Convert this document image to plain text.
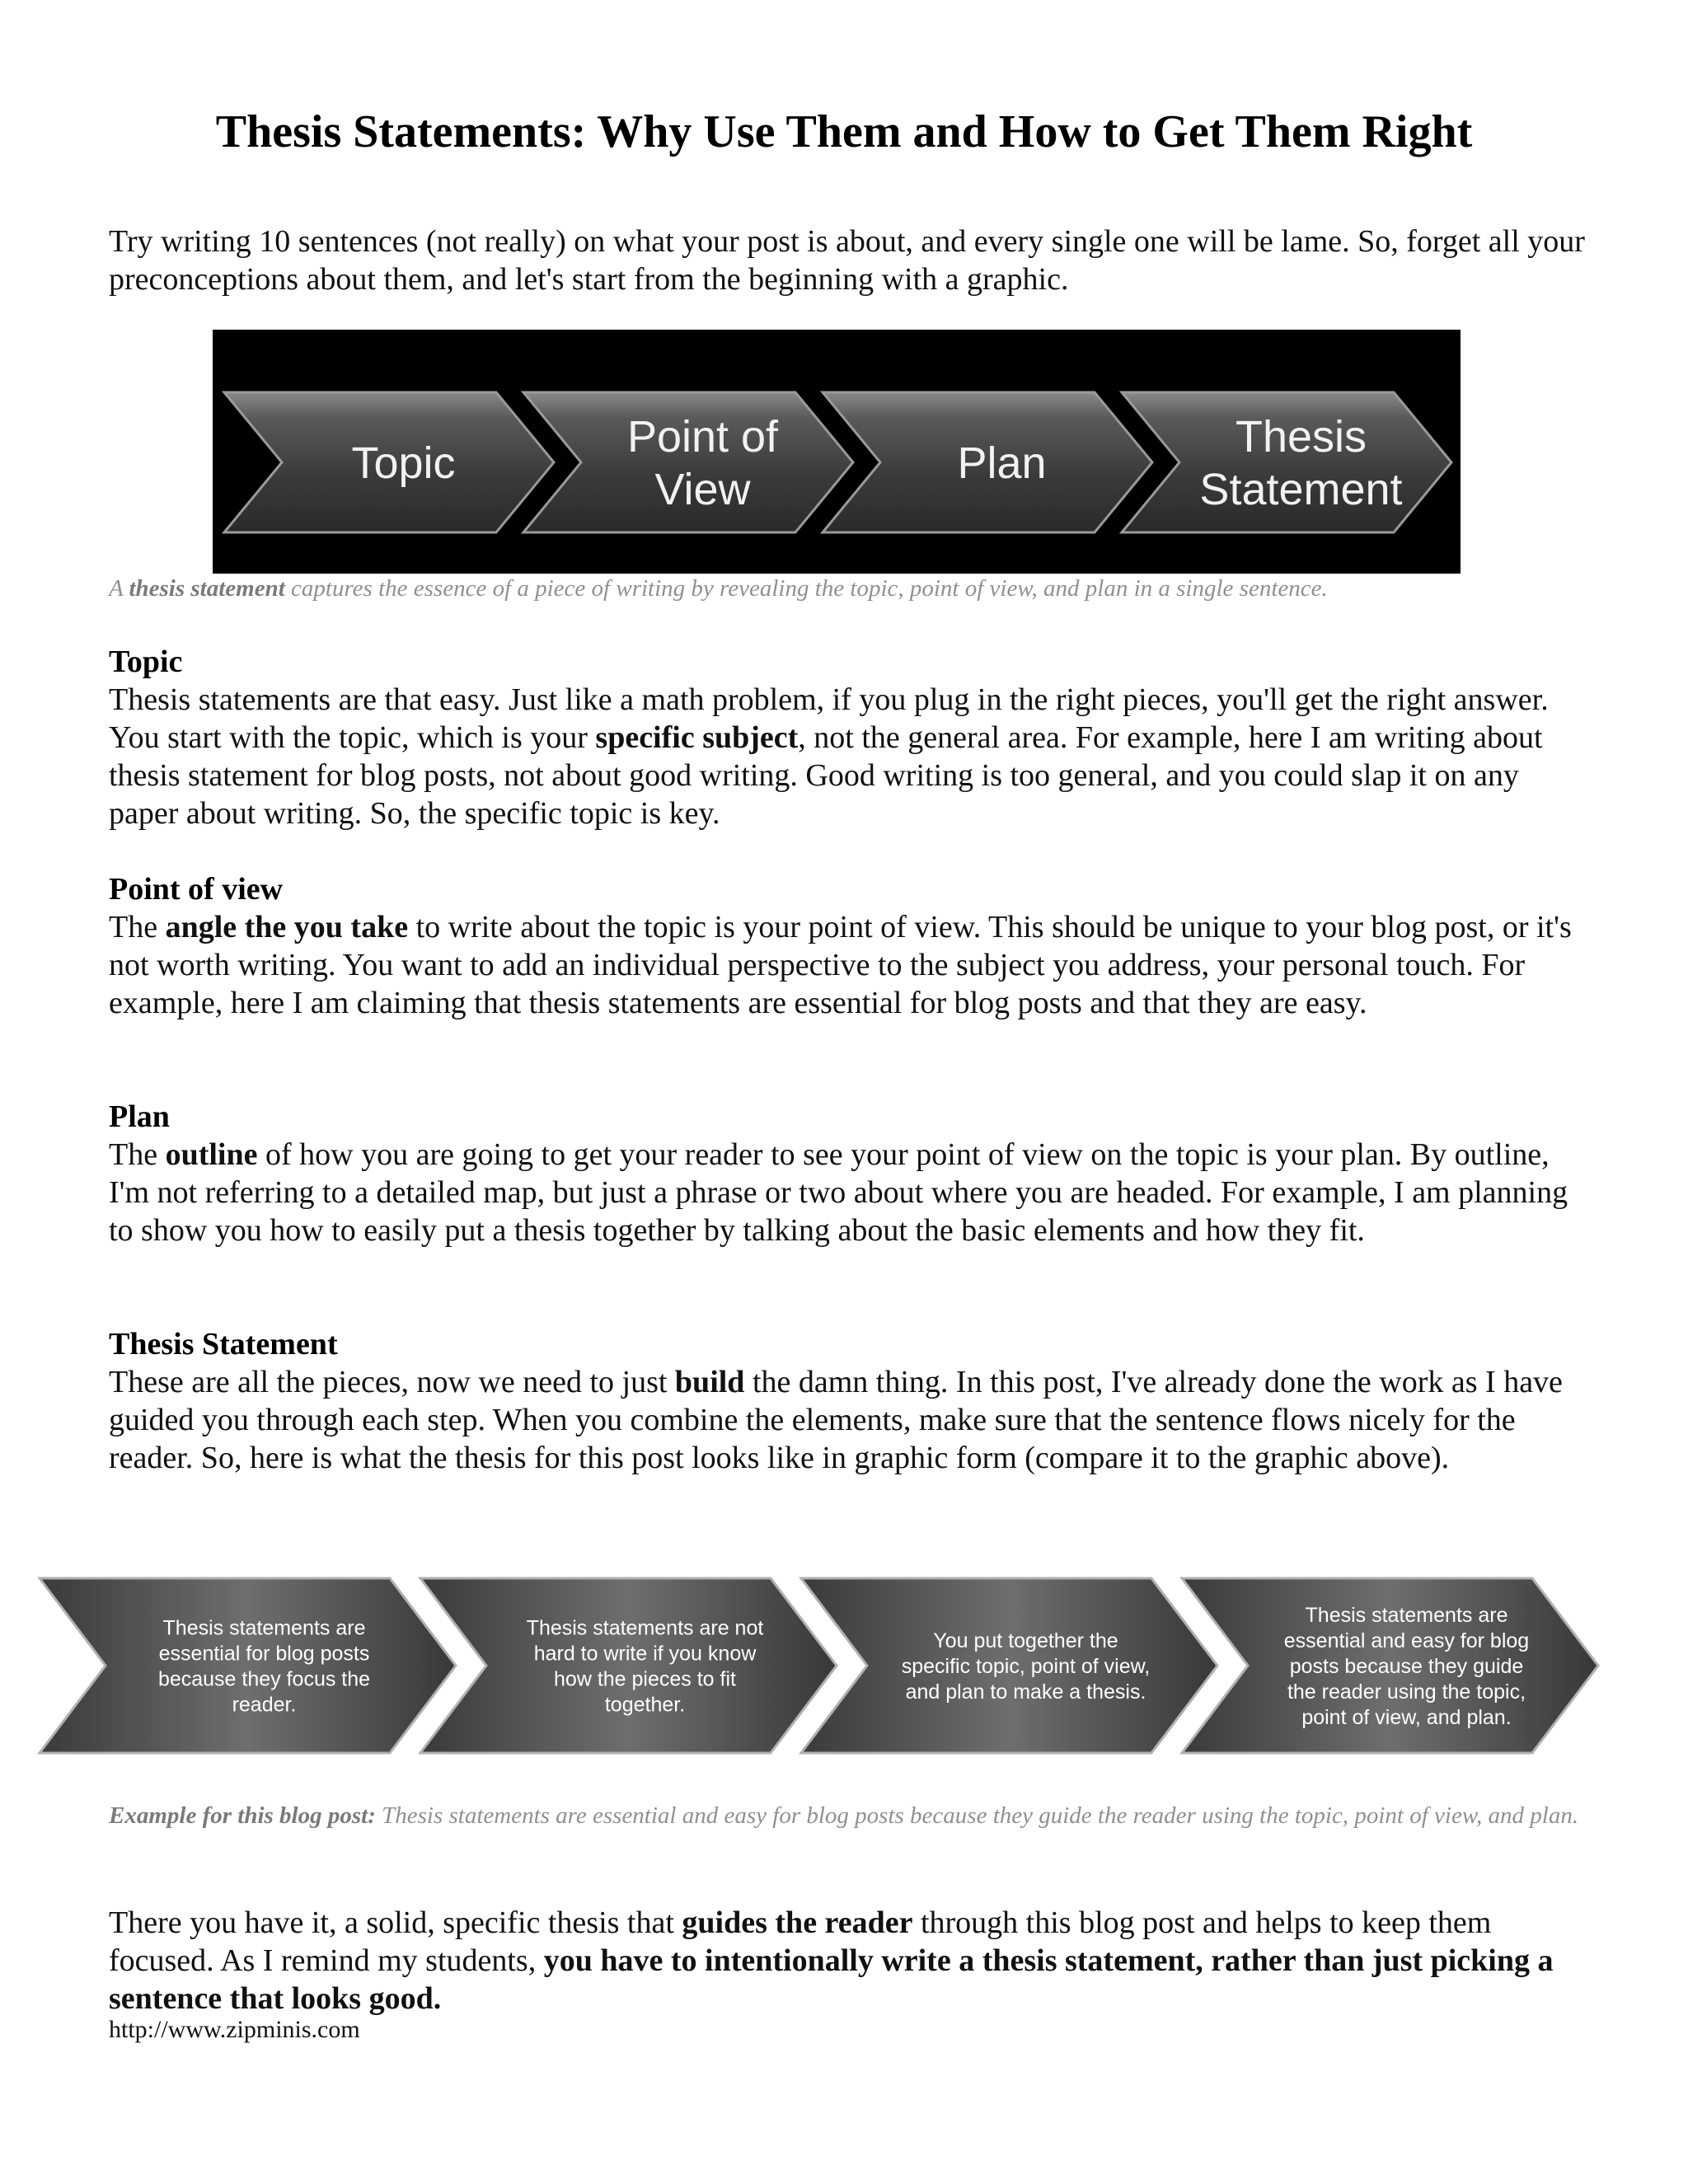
Thesis Statements: Why Use Them and How to Get Them Right

Try writing 10 sentences (not really) on what your post is about, and every single one will be lame. So, forget all your preconceptions about them, and let's start from the beginning with a graphic.

Topic
Point of View
Plan
Thesis Statement

A thesis statement captures the essence of a piece of writing by revealing the topic, point of view, and plan in a single sentence.

Topic

Thesis statements are that easy. Just like a math problem, if you plug in the right pieces, you'll get the right answer. You start with the topic, which is your specific subject, not the general area. For example, here I am writing about thesis statement for blog posts, not about good writing. Good writing is too general, and you could slap it on any paper about writing. So, the specific topic is key.

Point of view

The angle the you take to write about the topic is your point of view. This should be unique to your blog post, or it's not worth writing. You want to add an individual perspective to the subject you address, your personal touch. For example, here I am claiming that thesis statements are essential for blog posts and that they are easy.

Plan

The outline of how you are going to get your reader to see your point of view on the topic is your plan. By outline, I'm not referring to a detailed map, but just a phrase or two about where you are headed. For example, I am planning to show you how to easily put a thesis together by talking about the basic elements and how they fit.

Thesis Statement

These are all the pieces, now we need to just build the damn thing. In this post, I've already done the work as I have guided you through each step. When you combine the elements, make sure that the sentence flows nicely for the reader. So, here is what the thesis for this post looks like in graphic form (compare it to the graphic above).

Thesis statements are essential for blog posts because they focus the reader.
Thesis statements are not hard to write if you know how the pieces to fit together.
You put together the specific topic, point of view, and plan to make a thesis.
Thesis statements are essential and easy for blog posts because they guide the reader using the topic, point of view, and plan.

Example for this blog post: Thesis statements are essential and easy for blog posts because they guide the reader using the topic, point of view, and plan.

There you have it, a solid, specific thesis that guides the reader through this blog post and helps to keep them focused. As I remind my students, you have to intentionally write a thesis statement, rather than just picking a sentence that looks good.

http://www.zipminis.com
